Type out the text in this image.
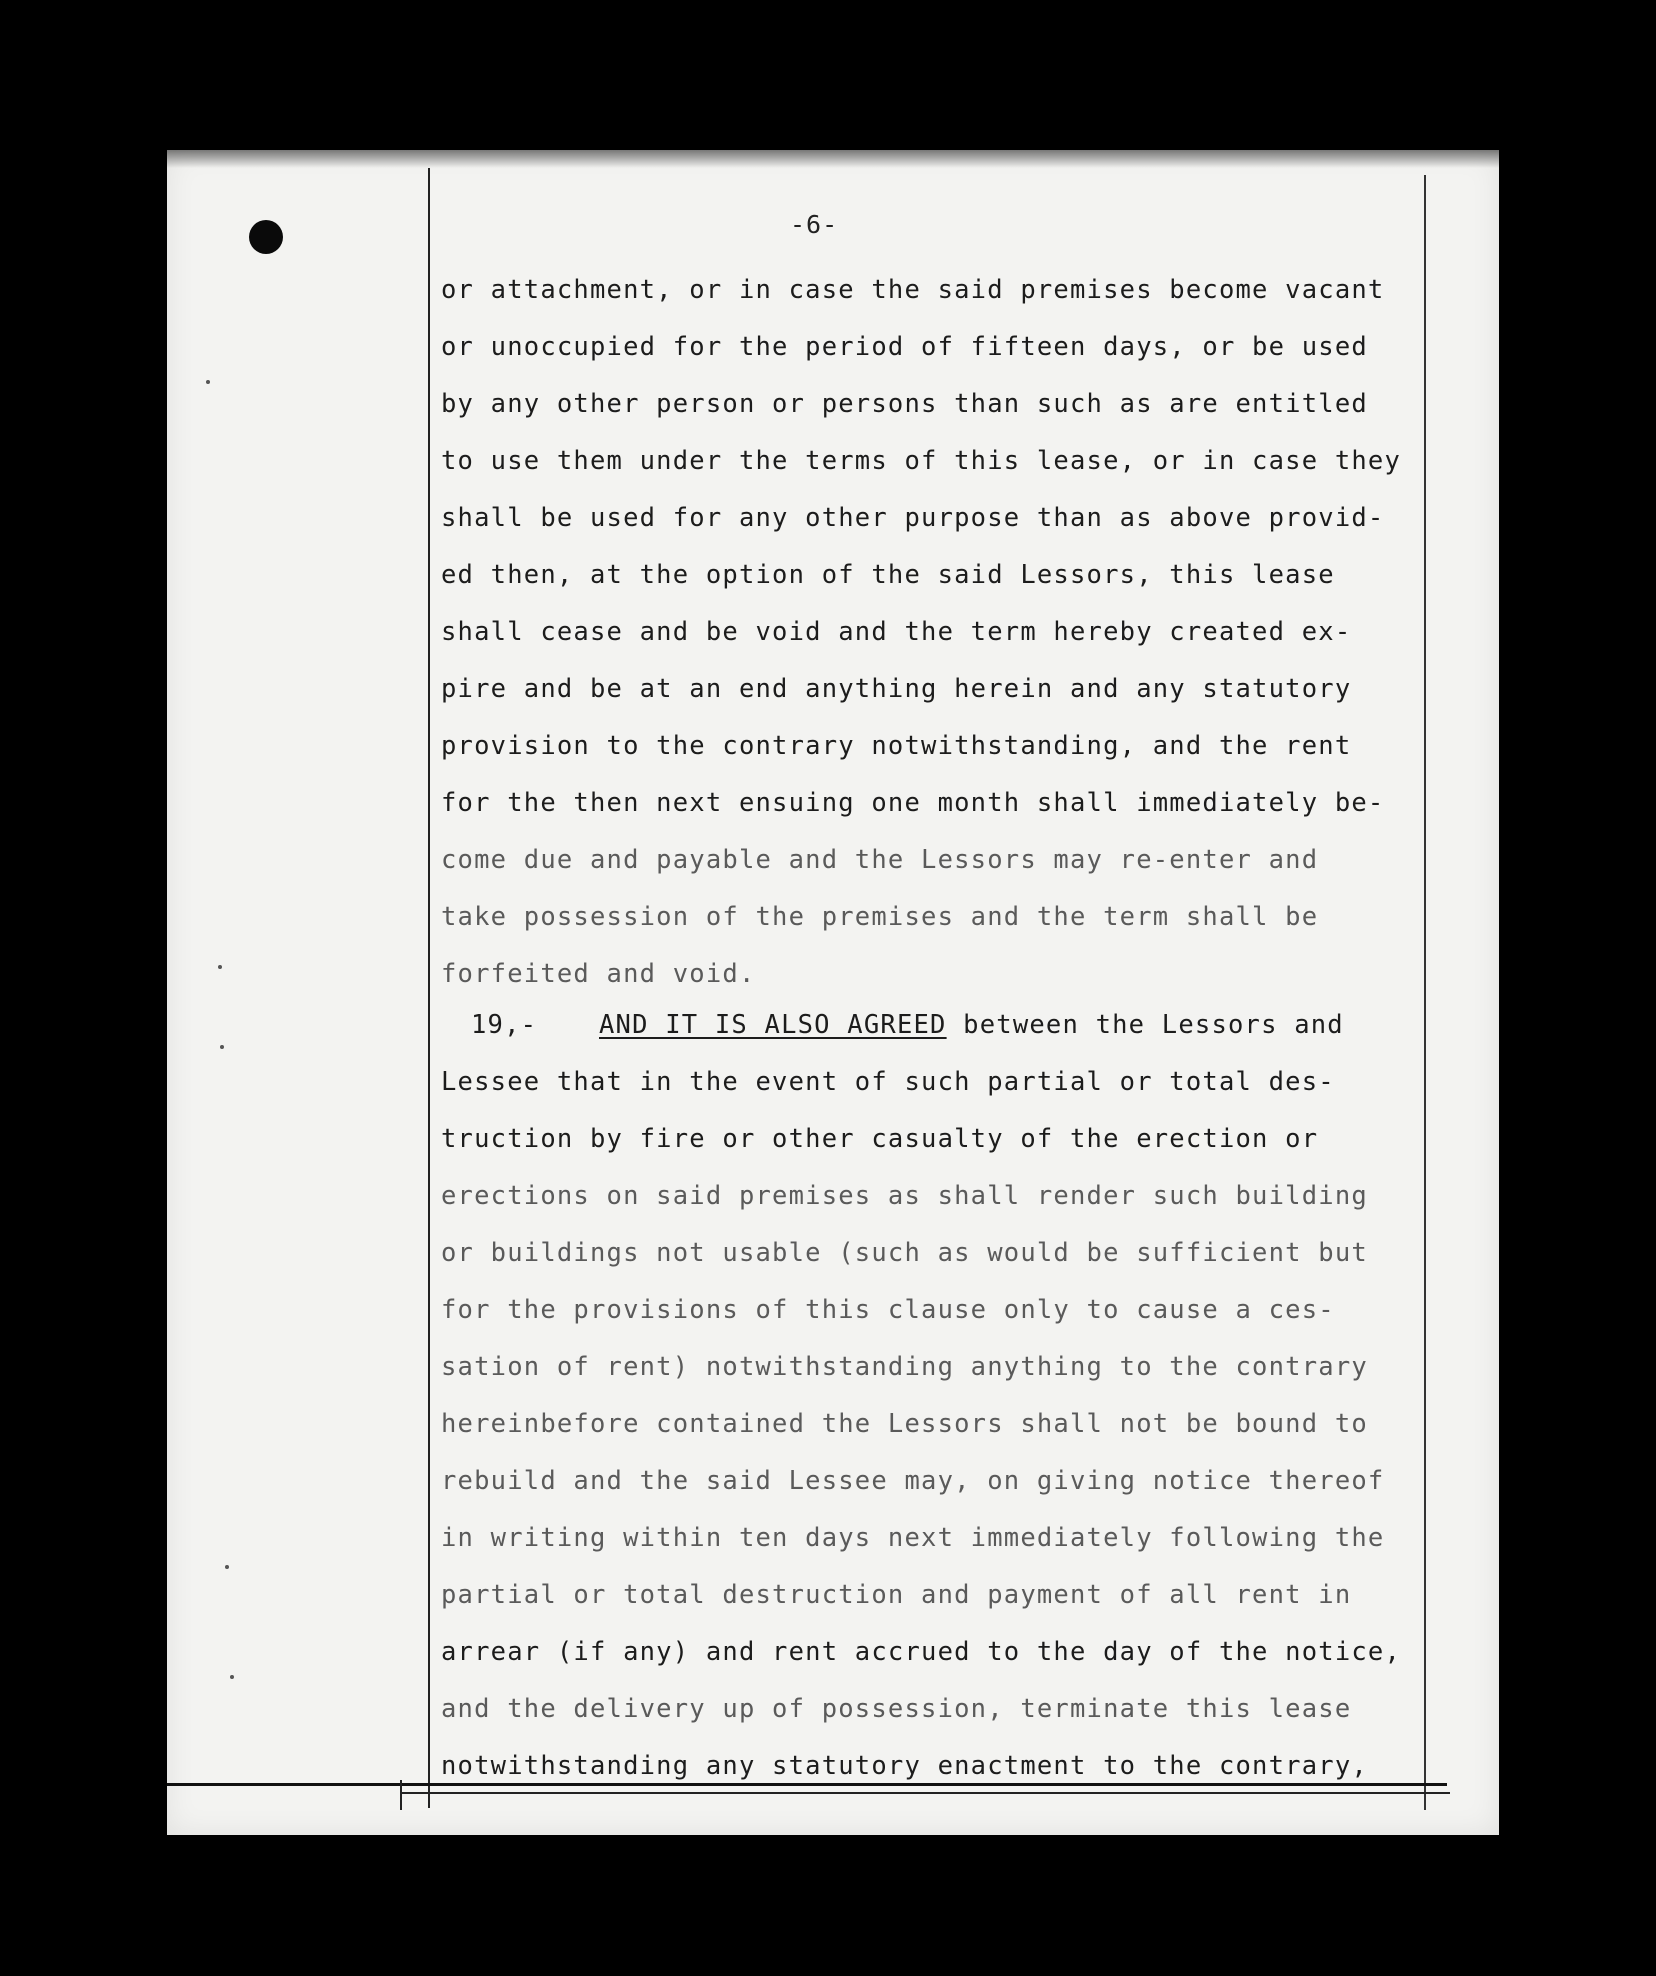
-6-
or attachment, or in case the said premises become vacant
or unoccupied for the period of fifteen days, or be used
by any other person or persons than such as are entitled
to use them under the terms of this lease, or in case they
shall be used for any other purpose than as above provid-
ed then, at the option of the said Lessors, this lease
shall cease and be void and the term hereby created ex-
pire and be at an end anything herein and any statutory
provision to the contrary notwithstanding, and the rent
for the then next ensuing one month shall immediately be-
come due and payable and the Lessors may re-enter and
take possession of the premises and the term shall be
forfeited and void.
19,- AND IT IS ALSO AGREED between the Lessors and
Lessee that in the event of such partial or total des-
truction by fire or other casualty of the erection or
erections on said premises as shall render such building
or buildings not usable (such as would be sufficient but
for the provisions of this clause only to cause a ces-
sation of rent) notwithstanding anything to the contrary
hereinbefore contained the Lessors shall not be bound to
rebuild and the said Lessee may, on giving notice thereof
in writing within ten days next immediately following the
partial or total destruction and payment of all rent in
arrear (if any) and rent accrued to the day of the notice,
and the delivery up of possession, terminate this lease
notwithstanding any statutory enactment to the contrary,
